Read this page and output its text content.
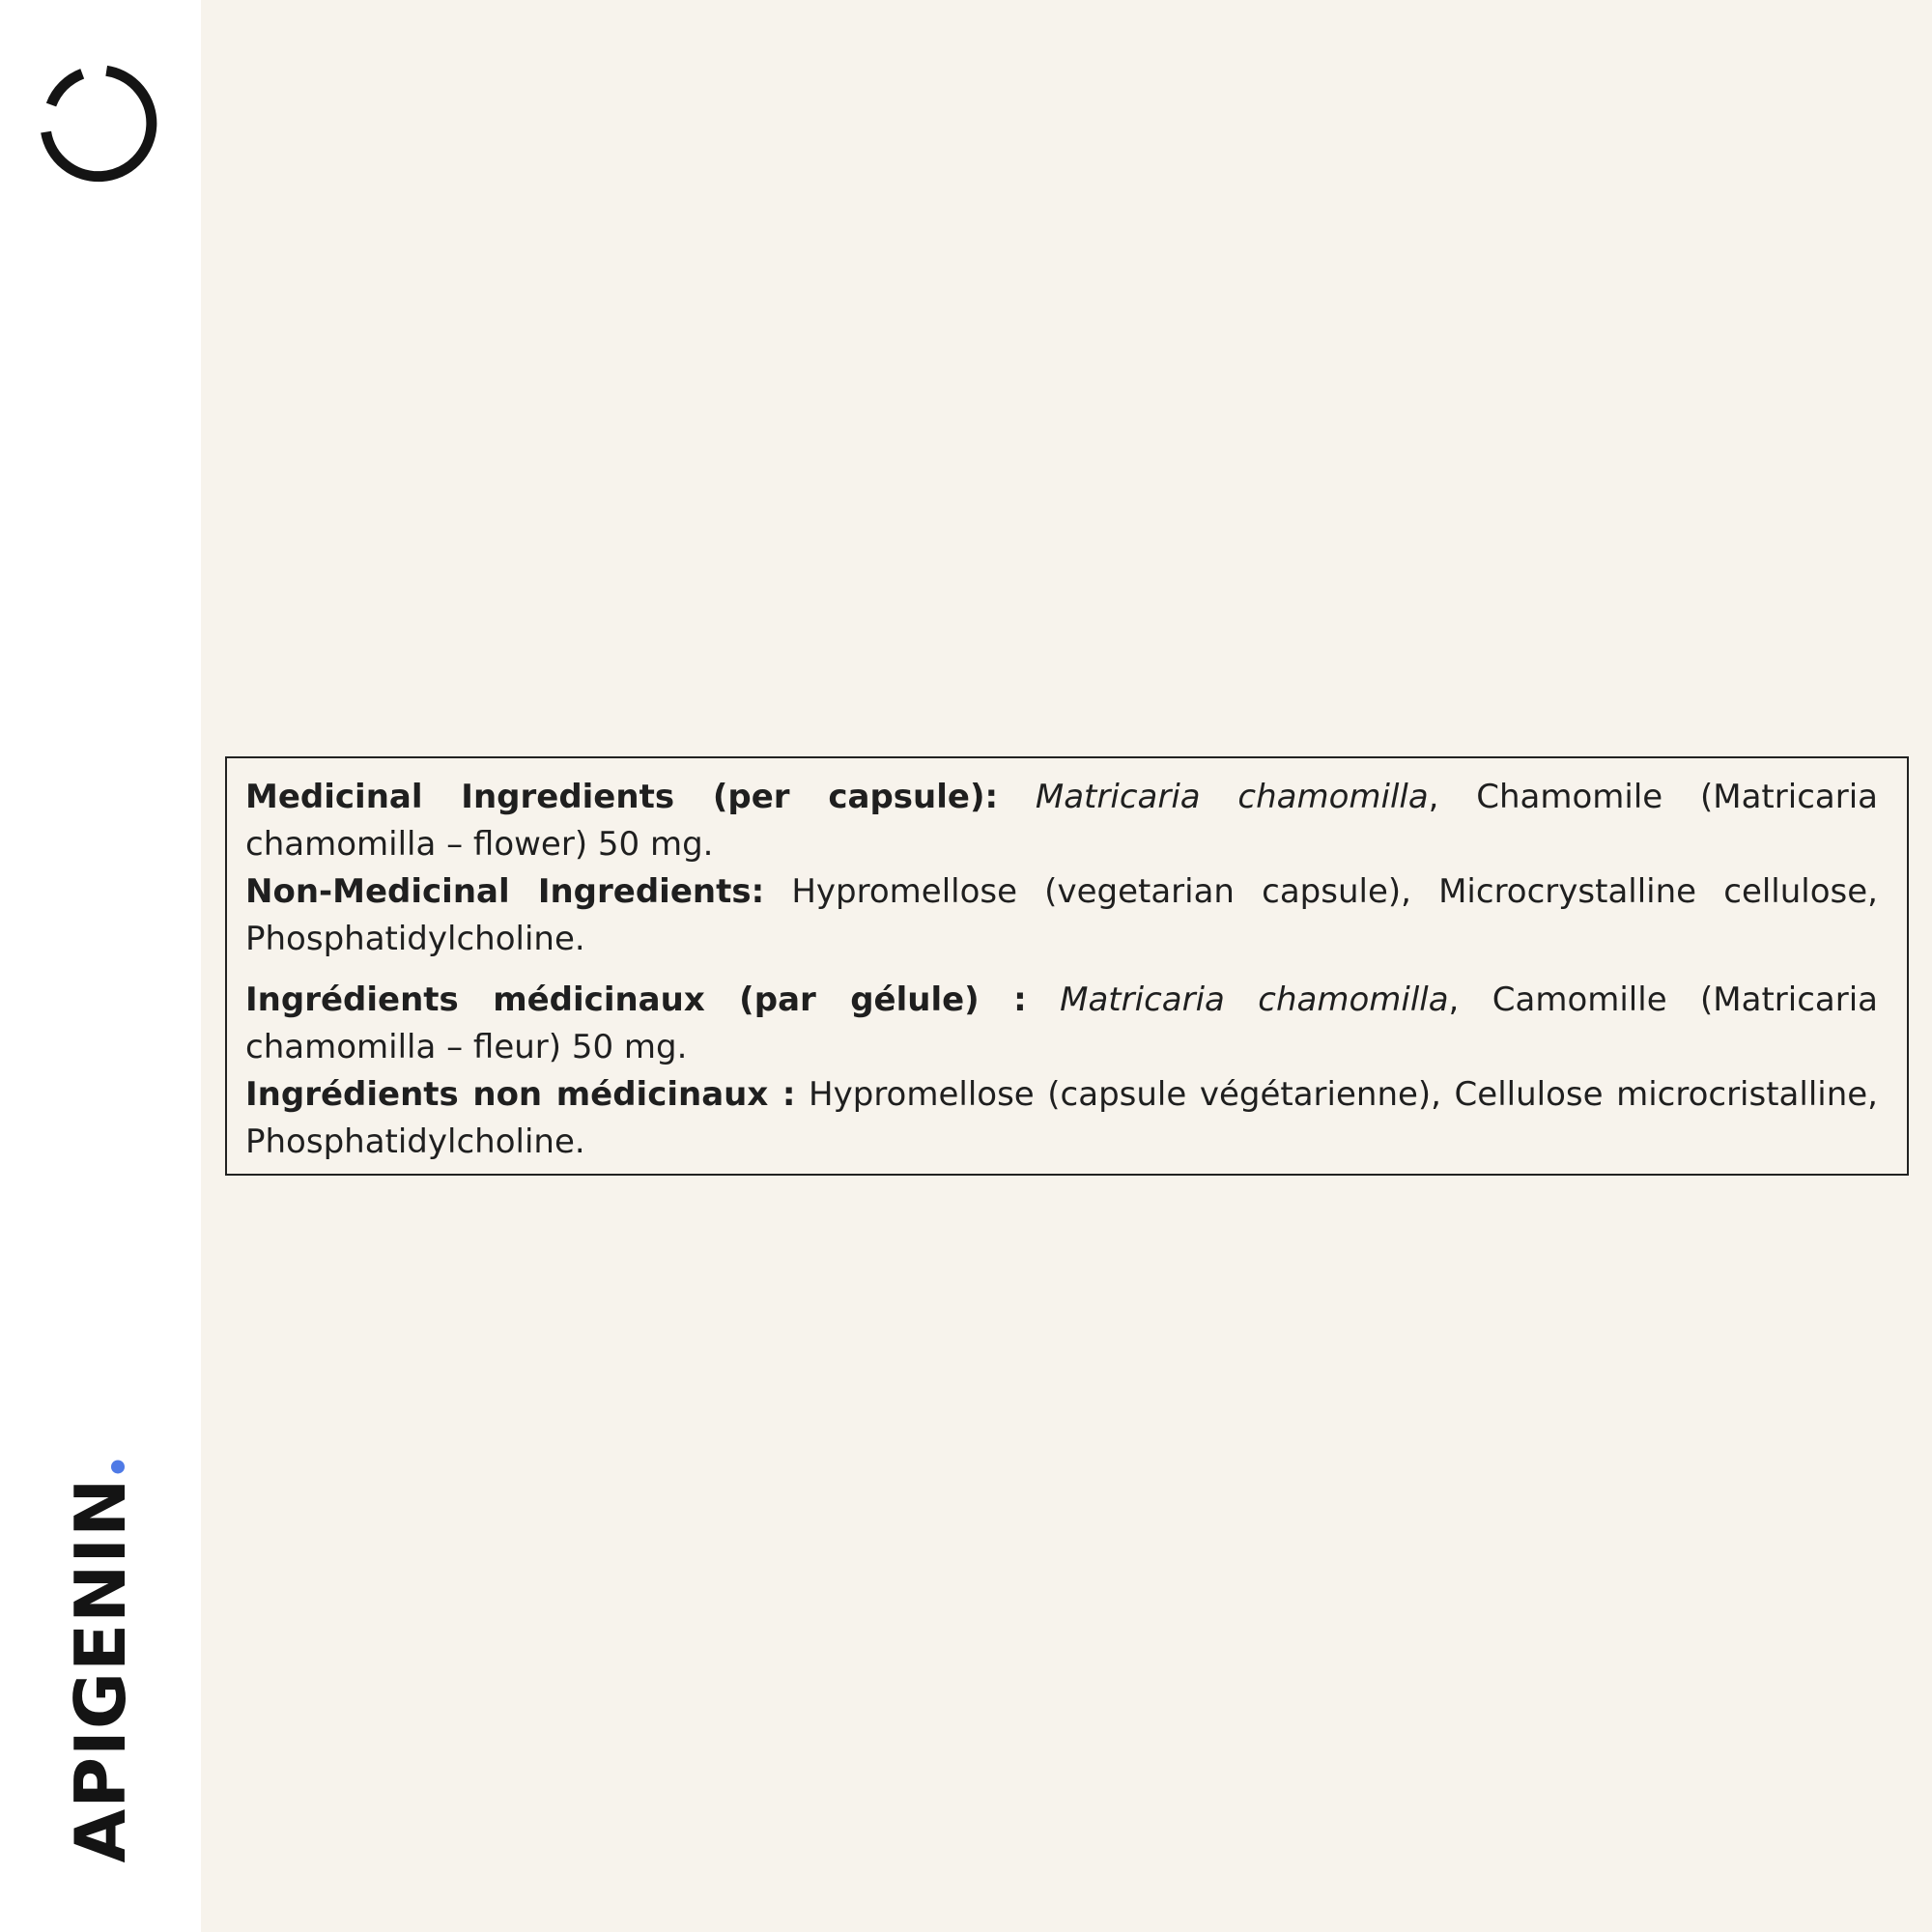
APIGENIN

Medicinal Ingredients (per capsule): Matricaria chamomilla, Chamomile (Matricaria chamomilla – flower) 50 mg.

Non-Medicinal Ingredients: Hypromellose (vegetarian capsule), Microcrystalline cellulose, Phosphatidylcholine.

Ingrédients médicinaux (par gélule) : Matricaria chamomilla, Camomille (Matricaria chamomilla – fleur) 50 mg.

Ingrédients non médicinaux : Hypromellose (capsule végétarienne), Cellulose microcristalline, Phosphatidylcholine.
